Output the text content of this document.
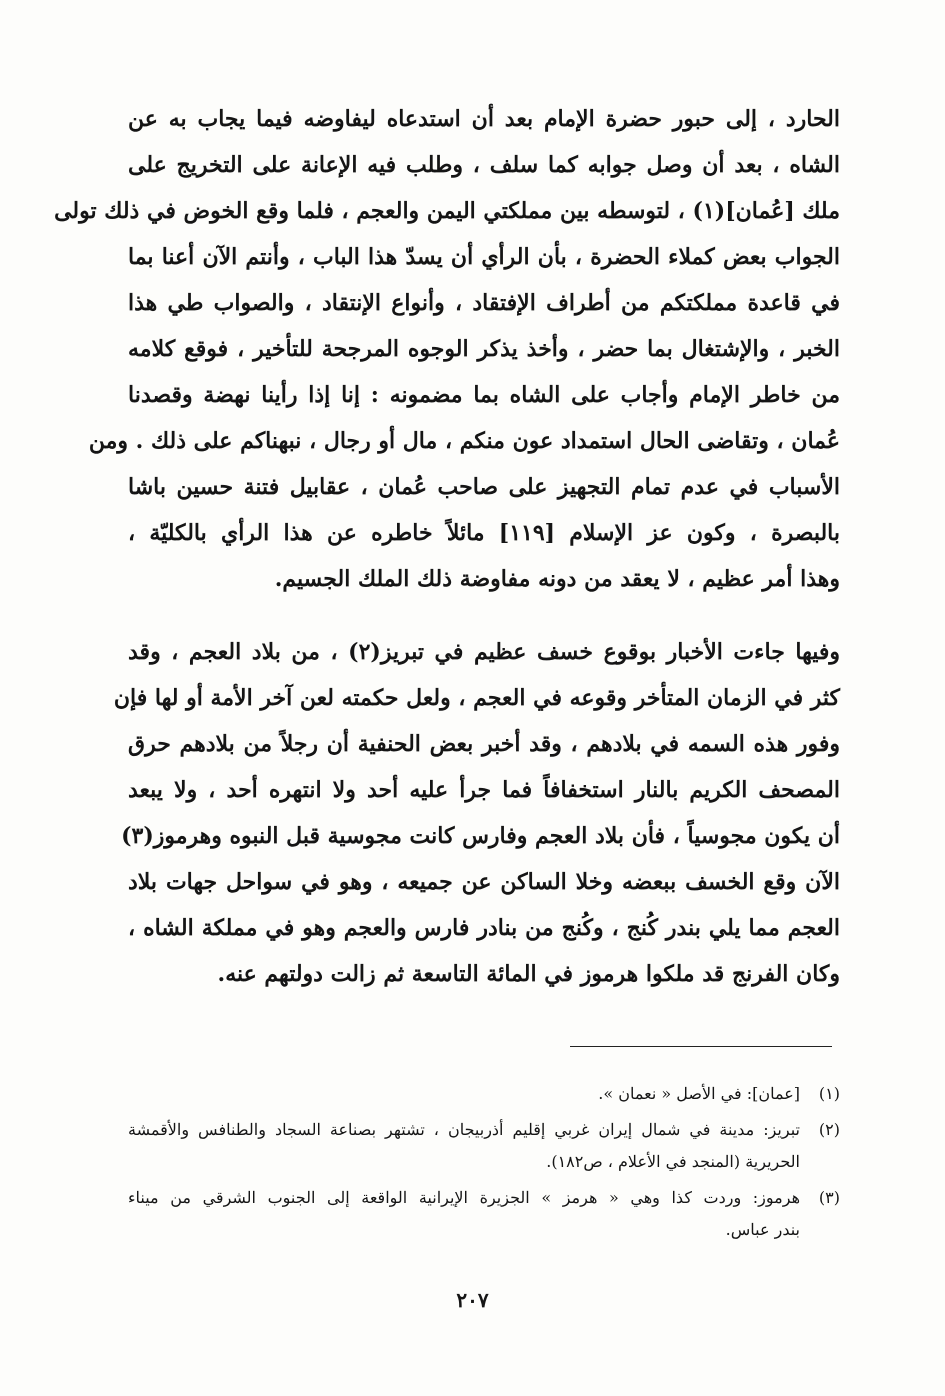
الحارد ، إلى حبور حضرة الإمام بعد أن استدعاه ليفاوضه فيما يجاب به عن
الشاه ، بعد أن وصل جوابه كما سلف ، وطلب فيه الإعانة على التخريج على
ملك [عُمان](١) ، لتوسطه بين مملكتي اليمن والعجم ، فلما وقع الخوض في ذلك تولى
الجواب بعض كملاء الحضرة ، بأن الرأي أن يسدّ هذا الباب ، وأنتم الآن أعنا بما
في قاعدة مملكتكم من أطراف الإفتقاد ، وأنواع الإنتقاد ، والصواب طي هذا
الخبر ، والإشتغال بما حضر ، وأخذ يذكر الوجوه المرجحة للتأخير ، فوقع كلامه
من خاطر الإمام وأجاب على الشاه بما مضمونه : إنا إذا رأينا نهضة وقصدنا
عُمان ، وتقاضى الحال استمداد عون منكم ، مال أو رجال ، نبهناكم على ذلك . ومن
الأسباب في عدم تمام التجهيز على صاحب عُمان ، عقابيل فتنة حسين باشا
بالبصرة ، وكون عز الإسلام [١١٩] مائلاً خاطره عن هذا الرأي بالكليّة ،
وهذا أمر عظيم ، لا يعقد من دونه مفاوضة ذلك الملك الجسيم.
وفيها جاءت الأخبار بوقوع خسف عظيم في تبريز(٢) ، من بلاد العجم ، وقد
كثر في الزمان المتأخر وقوعه في العجم ، ولعل حكمته لعن آخر الأمة أو لها فإن
وفور هذه السمه في بلادهم ، وقد أخبر بعض الحنفية أن رجلاً من بلادهم حرق
المصحف الكريم بالنار استخفافاً فما جرأ عليه أحد ولا انتهره أحد ، ولا يبعد
أن يكون مجوسياً ، فأن بلاد العجم وفارس كانت مجوسية قبل النبوه وهرموز(٣)
الآن وقع الخسف ببعضه وخلا الساكن عن جميعه ، وهو في سواحل جهات بلاد
العجم مما يلي بندر كُنج ، وكُنج من بنادر فارس والعجم وهو في مملكة الشاه ،
وكان الفرنج قد ملكوا هرموز في المائة التاسعة ثم زالت دولتهم عنه.
(١)
[عمان]: في الأصل « نعمان ».
(٢)
تبريز: مدينة في شمال إيران غربي إقليم أذربيجان ، تشتهر بصناعة السجاد والطنافس والأقمشة
الحريرية (المنجد في الأعلام ، ص١٨٢).
(٣)
هرموز: وردت كذا وهي « هرمز » الجزيرة الإيرانية الواقعة إلى الجنوب الشرقي من ميناء
بندر عباس.
٢٠٧
